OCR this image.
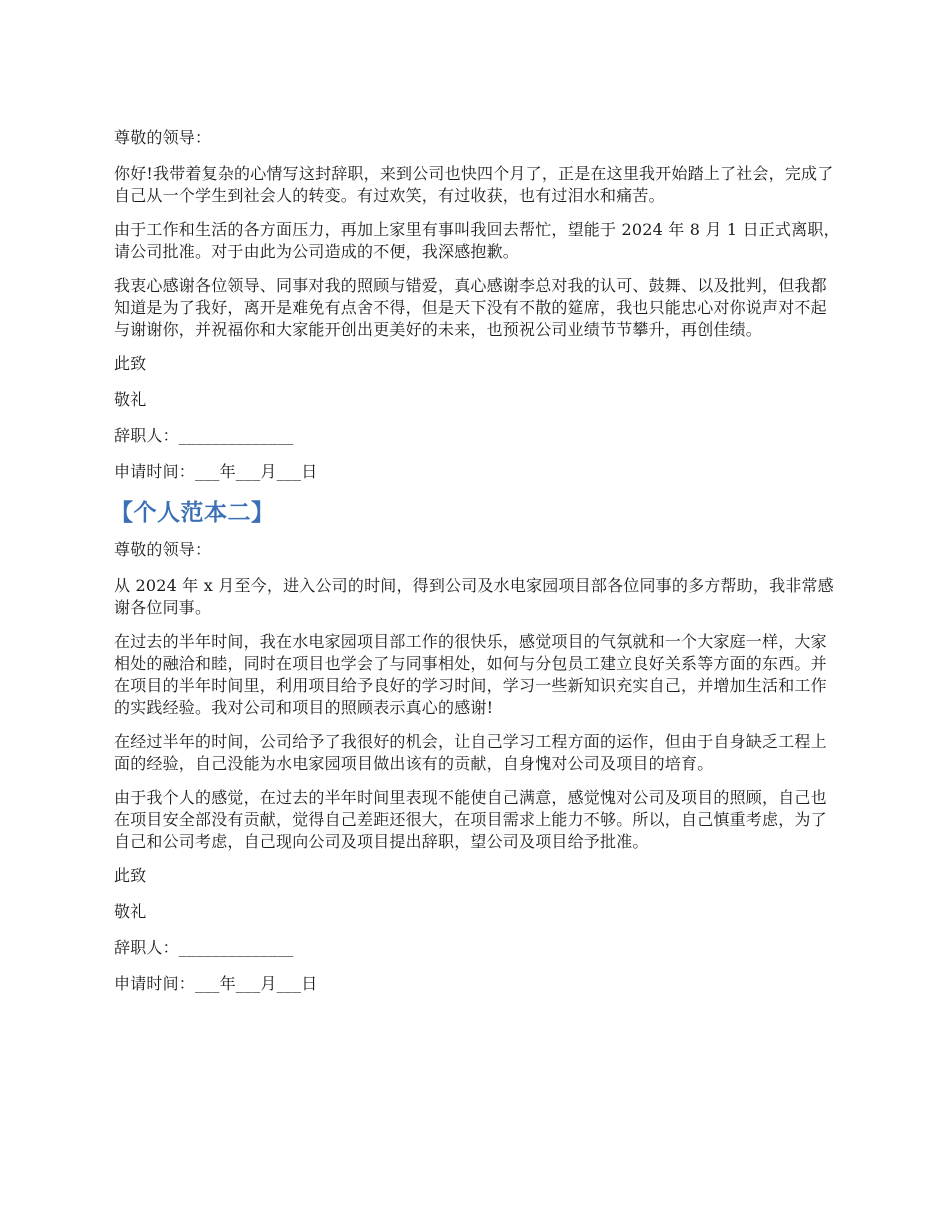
尊敬的领导：

你好!我带着复杂的心情写这封辞职，来到公司也快四个月了，正是在这里我开始踏上了社会，完成了自己从一个学生到社会人的转变。有过欢笑，有过收获，也有过泪水和痛苦。

由于工作和生活的各方面压力，再加上家里有事叫我回去帮忙，望能于 2024 年 8 月 1 日正式离职，请公司批准。对于由此为公司造成的不便，我深感抱歉。

我衷心感谢各位领导、同事对我的照顾与错爱，真心感谢李总对我的认可、鼓舞、以及批判，但我都知道是为了我好，离开是难免有点舍不得，但是天下没有不散的筵席，我也只能忠心对你说声对不起与谢谢你，并祝福你和大家能开创出更美好的未来，也预祝公司业绩节节攀升，再创佳绩。

此致

敬礼

辞职人：______________

申请时间：___年___月___日

【个人范本二】

尊敬的领导：

从 2024 年 x 月至今，进入公司的时间，得到公司及水电家园项目部各位同事的多方帮助，我非常感谢各位同事。

在过去的半年时间，我在水电家园项目部工作的很快乐，感觉项目的气氛就和一个大家庭一样，大家相处的融洽和睦，同时在项目也学会了与同事相处，如何与分包员工建立良好关系等方面的东西。并在项目的半年时间里，利用项目给予良好的学习时间，学习一些新知识充实自己，并增加生活和工作的实践经验。我对公司和项目的照顾表示真心的感谢!

在经过半年的时间，公司给予了我很好的机会，让自己学习工程方面的运作，但由于自身缺乏工程上面的经验，自己没能为水电家园项目做出该有的贡献，自身愧对公司及项目的培育。

由于我个人的感觉，在过去的半年时间里表现不能使自己满意，感觉愧对公司及项目的照顾，自己也在项目安全部没有贡献，觉得自己差距还很大，在项目需求上能力不够。所以，自己慎重考虑，为了自己和公司考虑，自己现向公司及项目提出辞职，望公司及项目给予批准。

此致

敬礼

辞职人：______________

申请时间：___年___月___日
